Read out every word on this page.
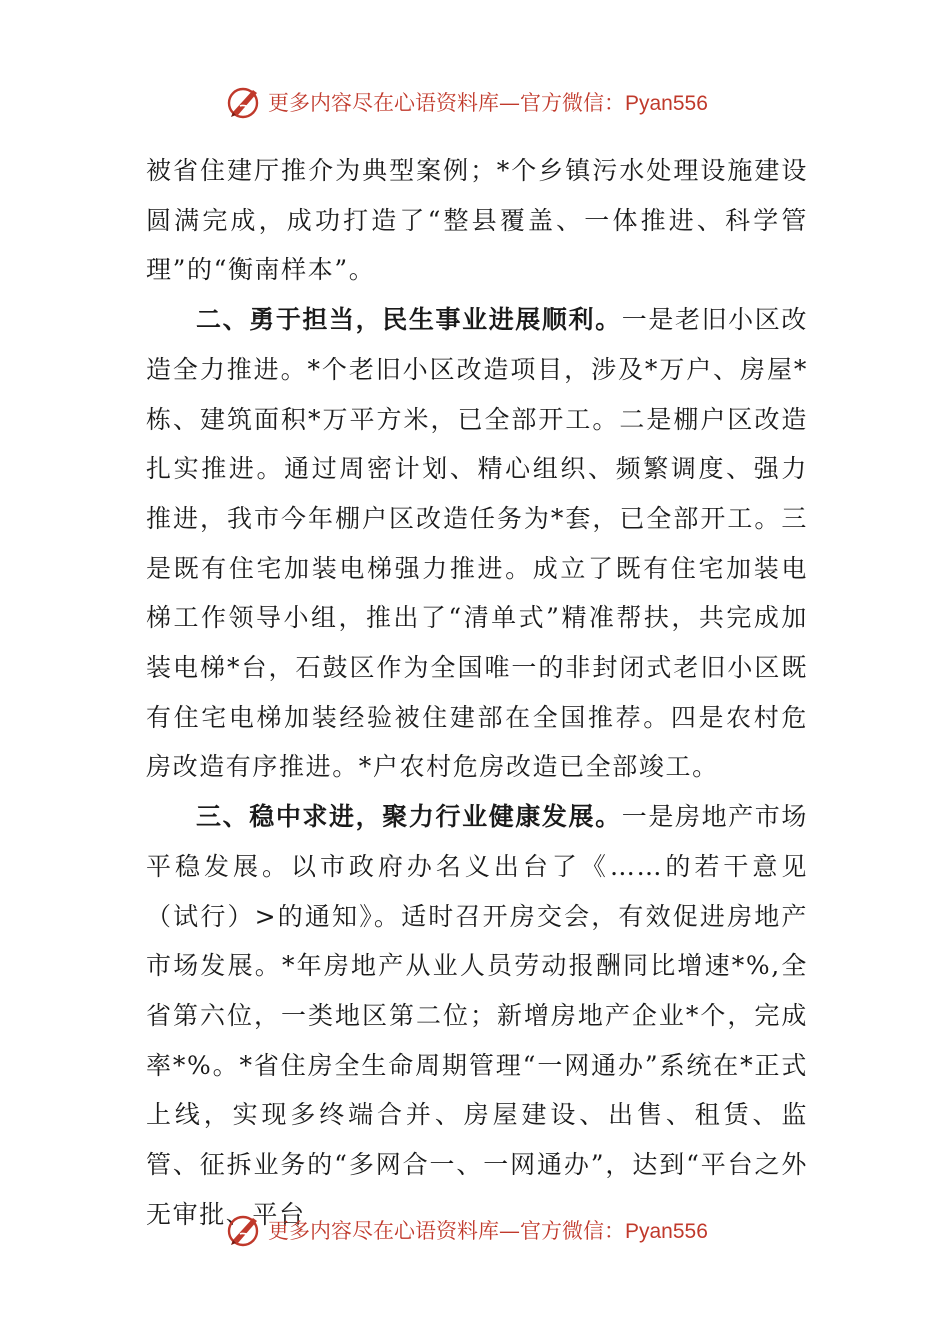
更多内容尽在心语资料库—官方微信：Pyan556

被省住建厅推介为典型案例；*个乡镇污水处理设施建设圆满完成，成功打造了“整县覆盖、一体推进、科学管理”的“衡南样本”。

二、勇于担当，民生事业进展顺利。一是老旧小区改造全力推进。*个老旧小区改造项目，涉及*万户、房屋*栋、建筑面积*万平方米，已全部开工。二是棚户区改造扎实推进。通过周密计划、精心组织、频繁调度、强力推进，我市今年棚户区改造任务为*套，已全部开工。三是既有住宅加装电梯强力推进。成立了既有住宅加装电梯工作领导小组，推出了“清单式”精准帮扶，共完成加装电梯*台，石鼓区作为全国唯一的非封闭式老旧小区既有住宅电梯加装经验被住建部在全国推荐。四是农村危房改造有序推进。*户农村危房改造已全部竣工。

三、稳中求进，聚力行业健康发展。一是房地产市场平稳发展。以市政府办名义出台了《……的若干意见（试行）>的通知》。适时召开房交会，有效促进房地产市场发展。*年房地产从业人员劳动报酬同比增速*%,全省第六位，一类地区第二位；新增房地产企业*个，完成率*%。*省住房全生命周期管理“一网通办”系统在*正式上线，实现多终端合并、房屋建设、出售、租赁、监管、征拆业务的“多网合一、一网通办”，达到“平台之外无审批、平台

更多内容尽在心语资料库—官方微信：Pyan556
